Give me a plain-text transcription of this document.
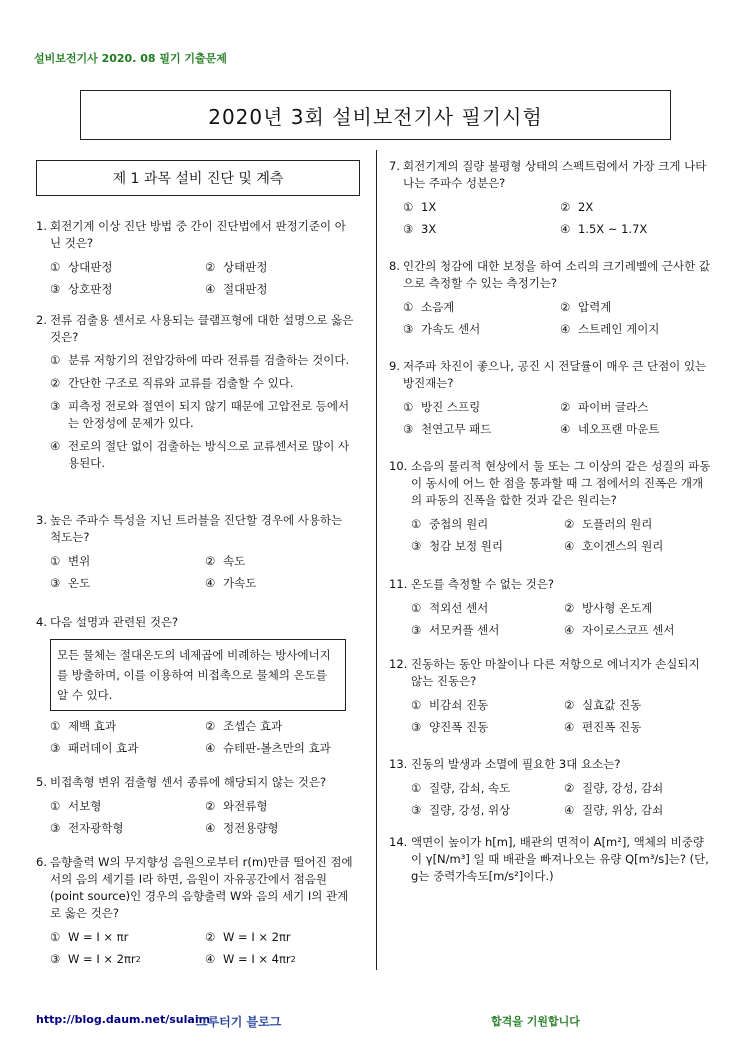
설비보전기사 2020. 08 필기 기출문제
2020년 3회 설비보전기사 필기시험
제 1 과목 설비 진단 및 계측
1. 회전기계 이상 진단 방법 중 간이 진단법에서 판정기준이 아닌 것은?
① 상대판정	② 상태판정
③ 상호판정	④ 절대판정
2. 전류 검출용 센서로 사용되는 클램프형에 대한 설명으로 옳은 것은?
① 분류 저항기의 전압강하에 따라 전류를 검출하는 것이다.
② 간단한 구조로 직류와 교류를 검출할 수 있다.
③ 피측정 전로와 절연이 되지 않기 때문에 고압전로 등에서는 안정성에 문제가 있다.
④ 전로의 절단 없이 검출하는 방식으로 교류센서로 많이 사용된다.
3. 높은 주파수 특성을 지닌 트러블을 진단할 경우에 사용하는 척도는?
① 변위	② 속도
③ 온도	④ 가속도
4. 다음 설명과 관련된 것은?
모든 물체는 절대온도의 네제곱에 비례하는 방사에너지를 방출하며, 이를 이용하여 비접촉으로 물체의 온도를 알 수 있다.
① 제백 효과	② 조셉슨 효과
③ 패러데이 효과	④ 슈테판-볼츠만의 효과
5. 비접촉형 변위 검출형 센서 종류에 해당되지 않는 것은?
① 서보형	② 와전류형
③ 전자광학형	④ 정전용량형
6. 음향출력 W의 무지향성 음원으로부터 r(m)만큼 떨어진 점에서의 음의 세기를 I라 하면, 음원이 자유공간에서 점음원(point source)인 경우의 음향출력 W와 음의 세기 I의 관계로 옳은 것은?
① W = I × πr	② W = I × 2πr
③ W = I × 2πr 2	④ W = I × 4πr 2
7. 회전기계의 질량 불평형 상태의 스펙트럼에서 가장 크게 나타나는 주파수 성분은?
① 1X	② 2X
③ 3X	④ 1.5X ~ 1.7X
8. 인간의 청감에 대한 보정을 하여 소리의 크기레벨에 근사한 값으로 측정할 수 있는 측정기는?
① 소음계	② 압력계
③ 가속도 센서	④ 스트레인 게이지
9. 저주파 차진이 좋으나, 공진 시 전달률이 매우 큰 단점이 있는 방진재는?
① 방진 스프링	② 파이버 글라스
③ 천연고무 패드	④ 네오프랜 마운트
10. 소음의 물리적 현상에서 둘 또는 그 이상의 같은 성질의 파동이 동시에 어느 한 점을 통과할 때 그 점에서의 진폭은 개개의 파동의 진폭을 합한 것과 같은 원리는?
① 중첩의 원리	② 도플러의 원리
③ 청감 보정 원리	④ 호이겐스의 원리
11. 온도를 측정할 수 없는 것은?
① 적외선 센서	② 방사형 온도계
③ 서모커플 센서	④ 자이로스코프 센서
12. 진동하는 동안 마찰이나 다른 저항으로 에너지가 손실되지 않는 진동은?
① 비감쇠 진동	② 실효값 진동
③ 양진폭 진동	④ 편진폭 진동
13. 진동의 발생과 소멸에 필요한 3대 요소는?
① 질량, 감쇠, 속도	② 질량, 강성, 감쇠
③ 질량, 강성, 위상	④ 질량, 위상, 감쇠
14. 액면이 높이가 h[m], 배관의 면적이 A[m²], 액체의 비중량이 γ[N/m³] 일 때 배관을 빠져나오는 유량 Q[m³/s]는? (단, g는 중력가속도[m/s²]이다.)
http://blog.daum.net/sulaim
그루터기 블로그	합격을 기원합니다
